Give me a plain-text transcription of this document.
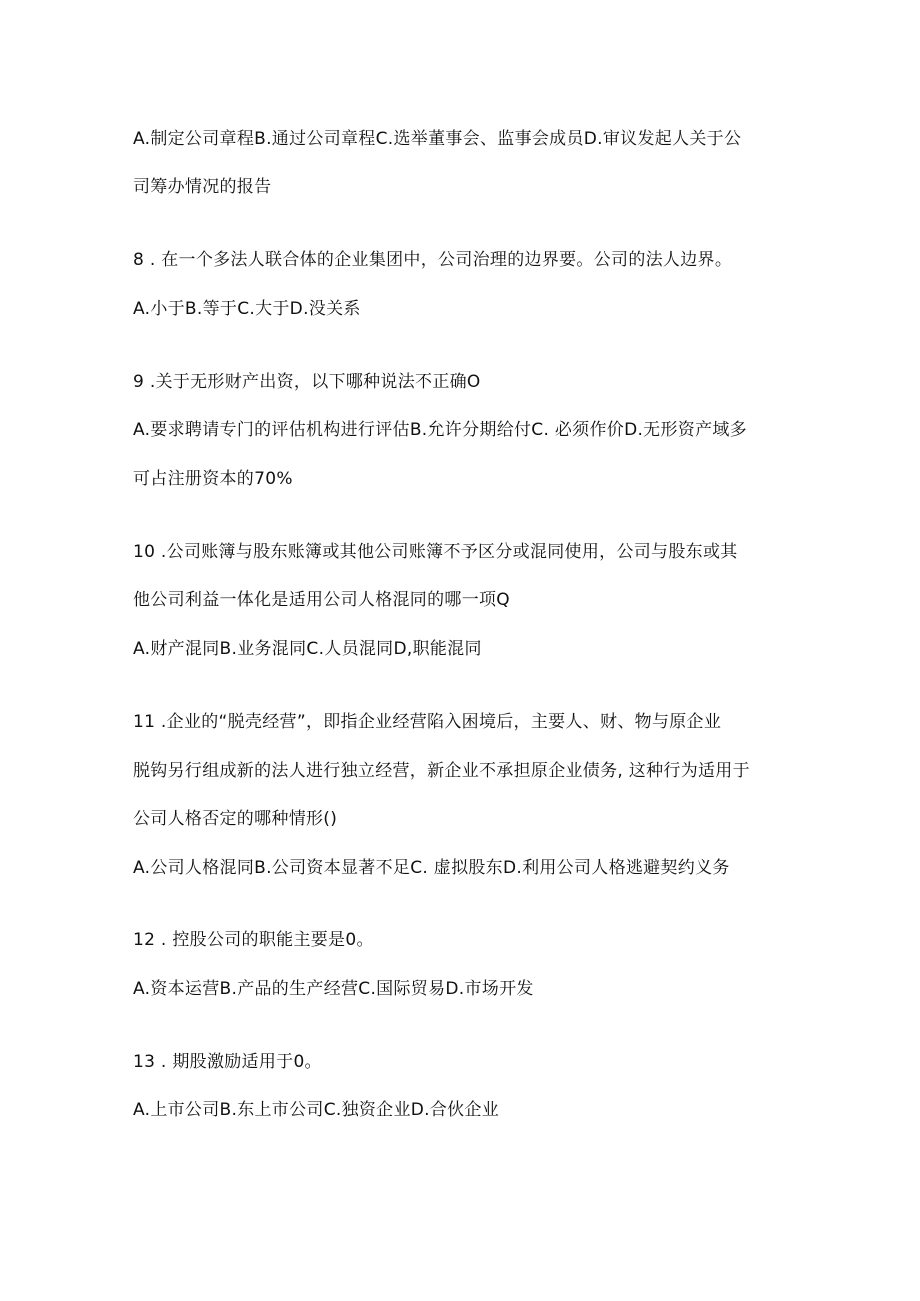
A.制定公司章程B.通过公司章程C.选举董事会、监事会成员D.审议发起人关于公
司筹办情况的报告
8 . 在一个多法人联合体的企业集团中，公司治理的边界要。公司的法人边界。
A.小于B.等于C.大于D.没关系
9 .关于无形财产出资，以下哪种说法不正确O
A.要求聘请专门的评估机构进行评估B.允许分期给付C. 必须作价D.无形资产域多
可占注册资本的70%
10 .公司账簿与股东账簿或其他公司账簿不予区分或混同使用，公司与股东或其
他公司利益一体化是适用公司人格混同的哪一项Q
A.财产混同B.业务混同C.人员混同D,职能混同
11 .企业的“脱壳经营”，即指企业经营陷入困境后，主要人、财、物与原企业
脱钩另行组成新的法人进行独立经营，新企业不承担原企业债务, 这种行为适用于
公司人格否定的哪种情形()
A.公司人格混同B.公司资本显著不足C. 虚拟股东D.利用公司人格逃避契约义务
12 . 控股公司的职能主要是0。
A.资本运营B.产品的生产经营C.国际贸易D.市场开发
13 . 期股激励适用于0。
A.上市公司B.东上市公司C.独资企业D.合伙企业
